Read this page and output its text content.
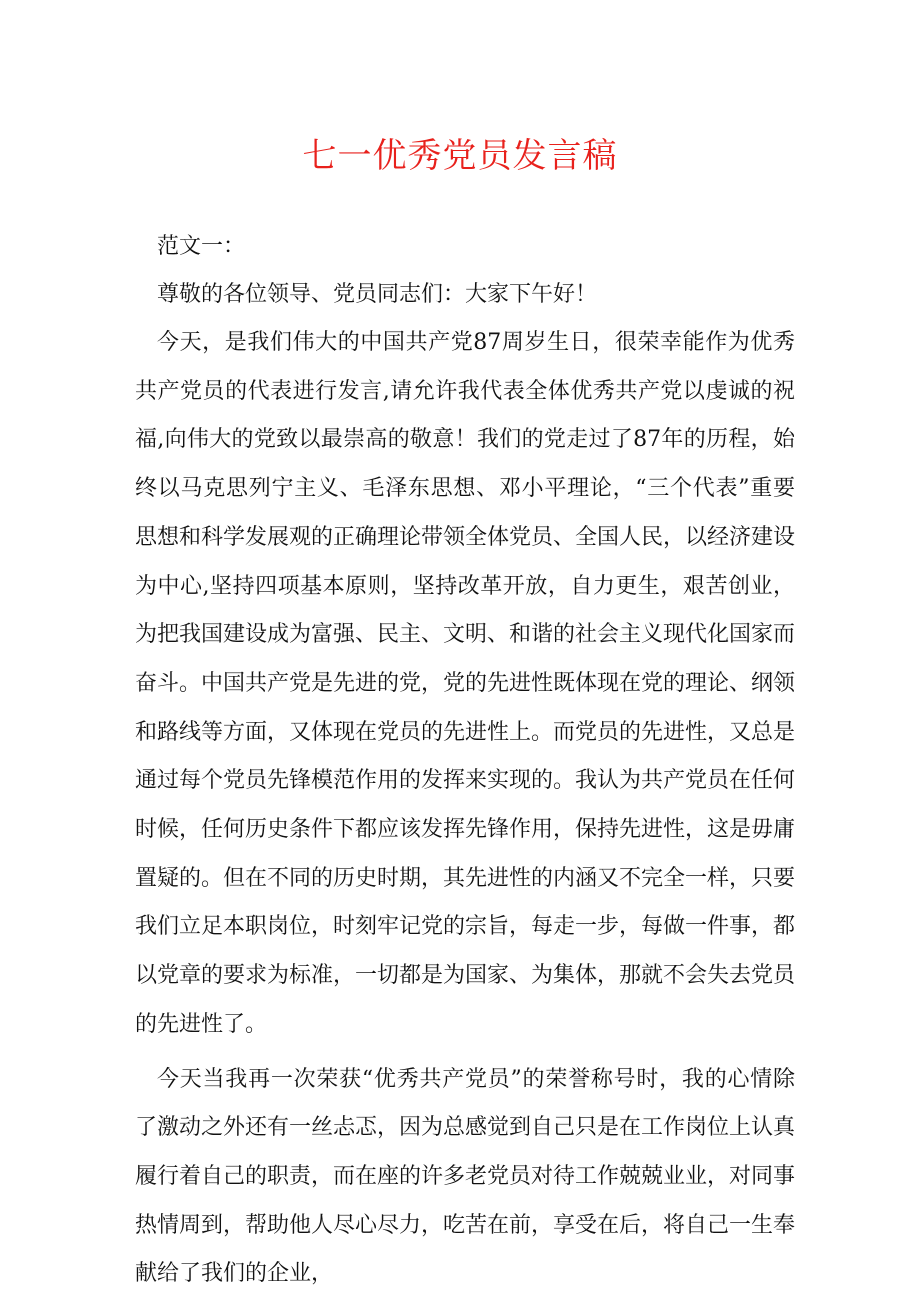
七一优秀党员发言稿

范文一：

尊敬的各位领导、党员同志们：大家下午好！

今天，是我们伟大的中国共产党87周岁生日，很荣幸能作为优秀共产党员的代表进行发言,请允许我代表全体优秀共产党以虔诚的祝福,向伟大的党致以最崇高的敬意！我们的党走过了87年的历程，始终以马克思列宁主义、毛泽东思想、邓小平理论，“三个代表”重要思想和科学发展观的正确理论带领全体党员、全国人民，以经济建设为中心,坚持四项基本原则，坚持改革开放，自力更生，艰苦创业，为把我国建设成为富强、民主、文明、和谐的社会主义现代化国家而奋斗。中国共产党是先进的党，党的先进性既体现在党的理论、纲领和路线等方面，又体现在党员的先进性上。而党员的先进性，又总是通过每个党员先锋模范作用的发挥来实现的。我认为共产党员在任何时候，任何历史条件下都应该发挥先锋作用，保持先进性，这是毋庸置疑的。但在不同的历史时期，其先进性的内涵又不完全一样，只要我们立足本职岗位，时刻牢记党的宗旨，每走一步，每做一件事，都以党章的要求为标准，一切都是为国家、为集体，那就不会失去党员的先进性了。

今天当我再一次荣获“优秀共产党员”的荣誉称号时，我的心情除了激动之外还有一丝忐忑，因为总感觉到自己只是在工作岗位上认真履行着自己的职责，而在座的许多老党员对待工作兢兢业业，对同事热情周到，帮助他人尽心尽力，吃苦在前，享受在后，将自己一生奉献给了我们的企业，
